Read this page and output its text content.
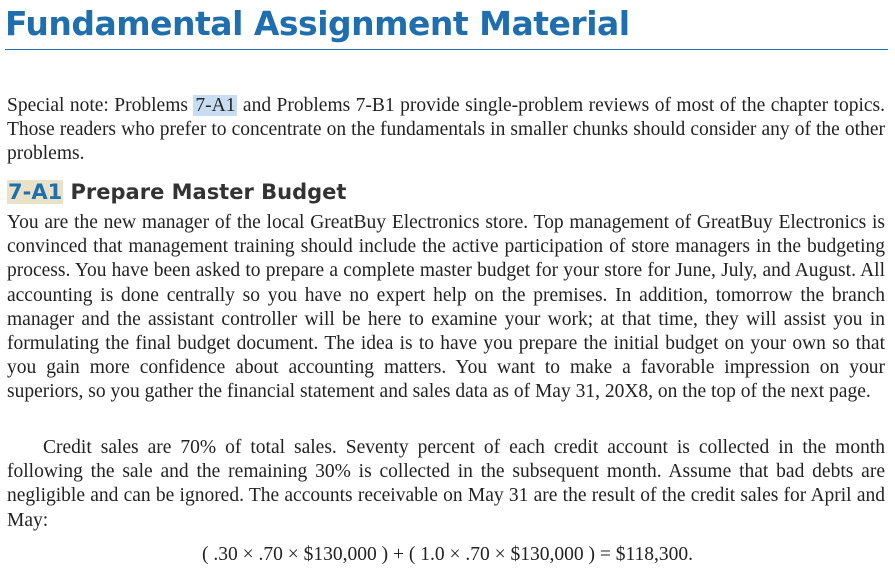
Fundamental Assignment Material

Special note: Problems 7-A1 and Problems 7-B1 provide single-problem reviews of most of the chapter topics. Those readers who prefer to concentrate on the fundamentals in smaller chunks should consider any of the other problems.

7-A1 Prepare Master Budget

You are the new manager of the local GreatBuy Electronics store. Top management of GreatBuy Electronics is convinced that management training should include the active participation of store managers in the budgeting process. You have been asked to prepare a complete master budget for your store for June, July, and August. All accounting is done centrally so you have no expert help on the premises. In addition, tomorrow the branch manager and the assistant controller will be here to examine your work; at that time, they will assist you in formulating the final budget document. The idea is to have you prepare the initial budget on your own so that you gain more confidence about accounting matters. You want to make a favorable impression on your superiors, so you gather the financial statement and sales data as of May 31, 20X8, on the top of the next page.

Credit sales are 70% of total sales. Seventy percent of each credit account is collected in the month following the sale and the remaining 30% is collected in the subsequent month. Assume that bad debts are negligible and can be ignored. The accounts receivable on May 31 are the result of the credit sales for April and May:

( .30 × .70 × $130,000 ) + ( 1.0 × .70 × $130,000 ) = $118,300.
